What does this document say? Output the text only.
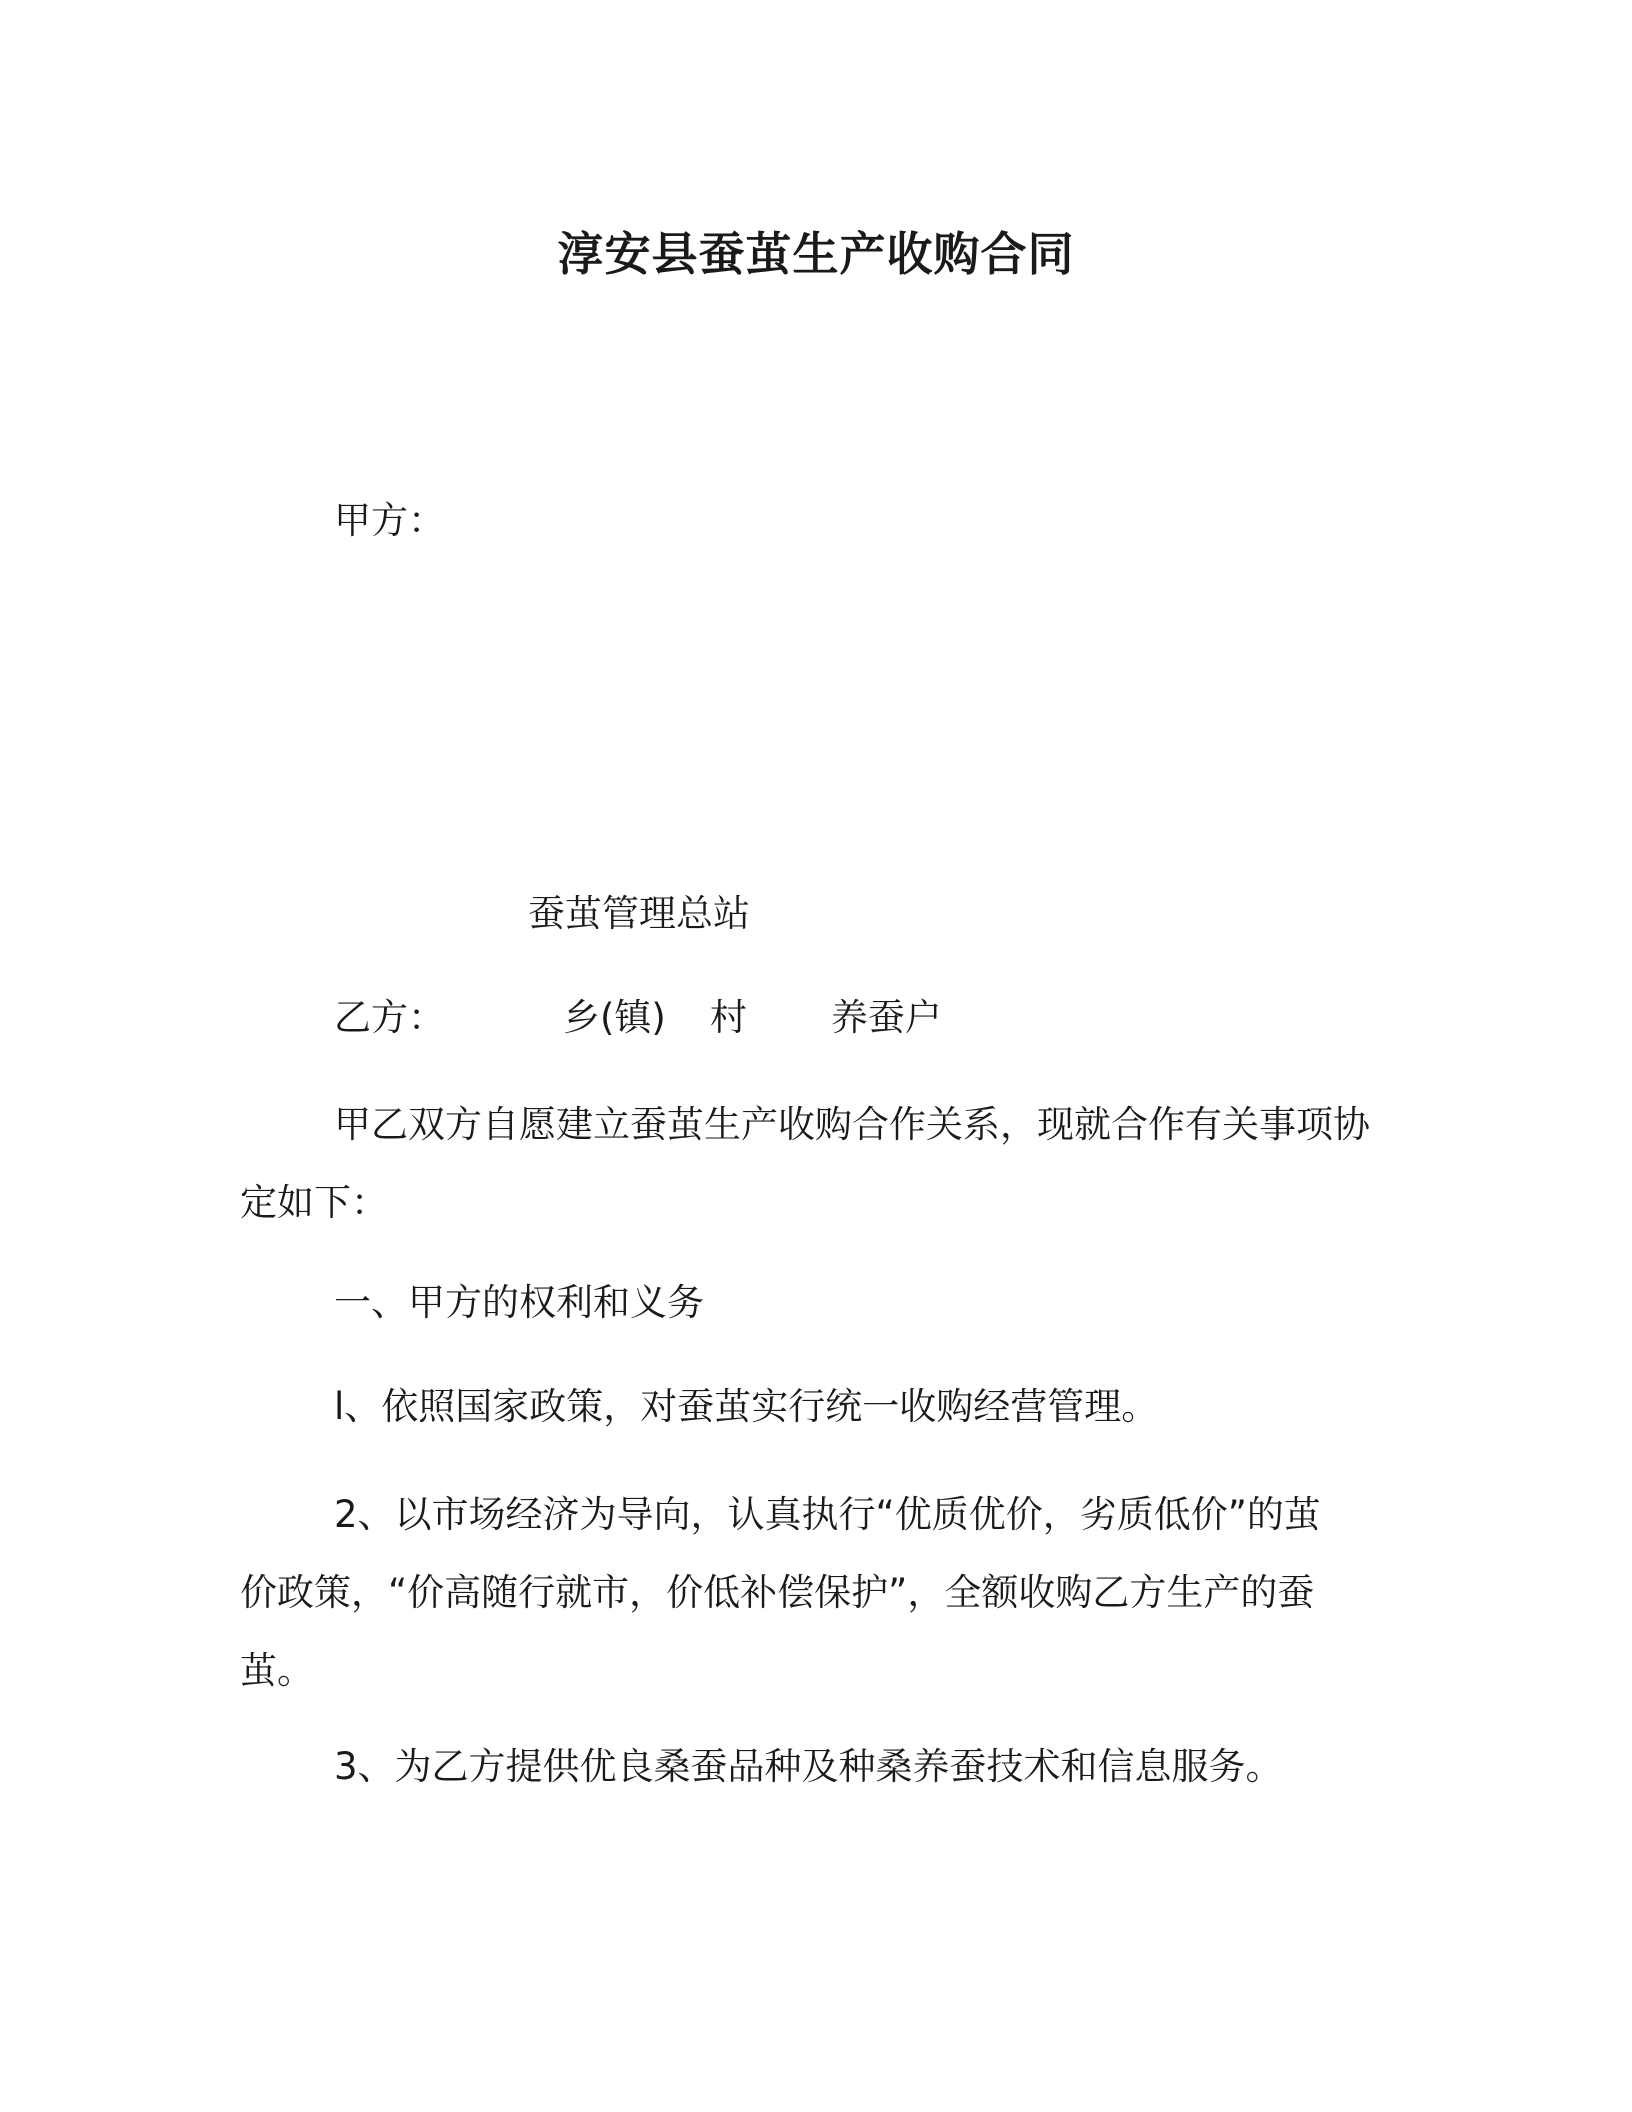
淳安县蚕茧生产收购合同
甲方：
蚕茧管理总站
乙方：	乡(镇) 村 养蚕户
甲乙双方自愿建立蚕茧生产收购合作关系，现就合作有关事项协
定如下：
一、甲方的权利和义务
l、依照国家政策，对蚕茧实行统一收购经营管理。
2、以市场经济为导向，认真执行“优质优价，劣质低价”的茧
价政策，“价高随行就市，价低补偿保护”，全额收购乙方生产的蚕
茧。
3、为乙方提供优良桑蚕品种及种桑养蚕技术和信息服务。
